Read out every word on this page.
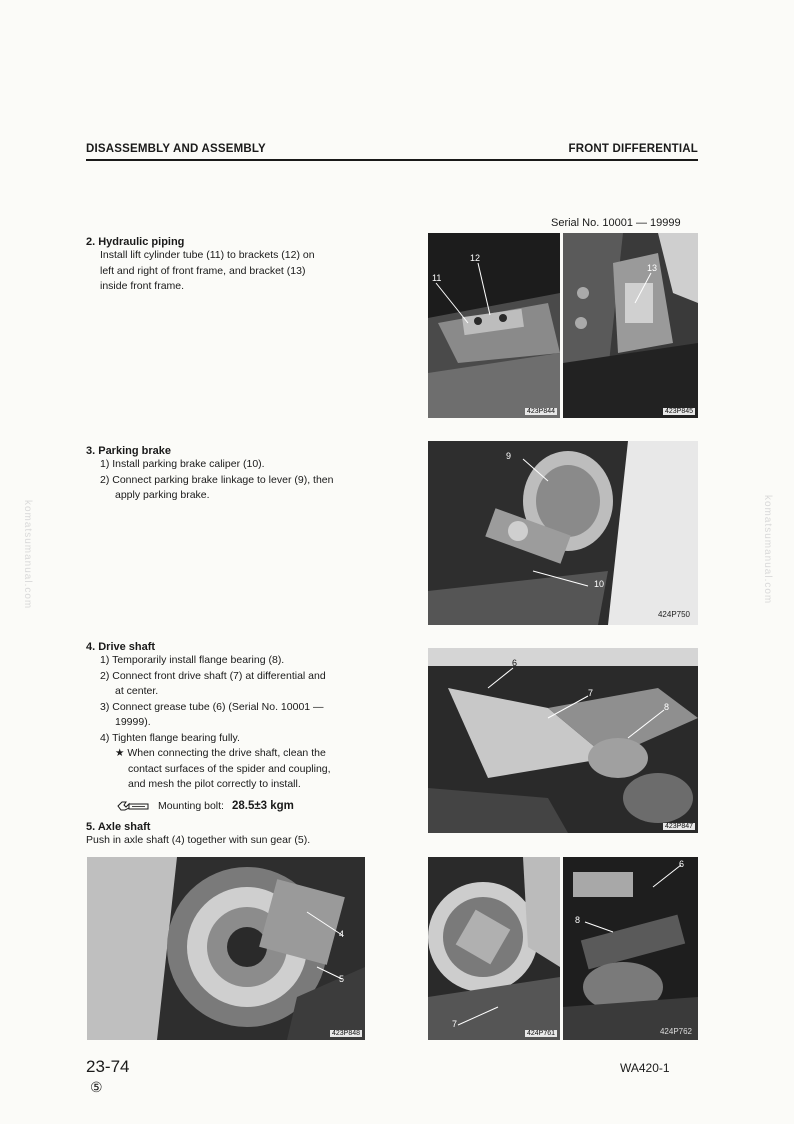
DISASSEMBLY AND ASSEMBLY	FRONT DIFFERENTIAL
komatsumanual.com	komatsumanual.com
Serial No. 10001 — 19999
2. Hydraulic piping
Install lift cylinder tube (11) to brackets (12) on
left and right of front frame, and bracket (13)
inside front frame.
3. Parking brake
1) Install parking brake caliper (10).
2) Connect parking brake linkage to lever (9), then
apply parking brake.
4. Drive shaft
1) Temporarily install flange bearing (8).
2) Connect front drive shaft (7) at differential and
at center.
3) Connect grease tube (6) (Serial No. 10001 —
19999).
4) Tighten flange bearing fully.
★ When connecting the drive shaft, clean the
contact surfaces of the spider and coupling,
and mesh the pilot correctly to install.
Mounting bolt: 28.5±3 kgm
5. Axle shaft
Push in axle shaft (4) together with sun gear (5).
11
12
423P844
13
423P845
9
10
424P750
6
7
8
423P847
4
5
423P848
7
424P761
6
8
424P762
23-74
⑤
WA420-1
